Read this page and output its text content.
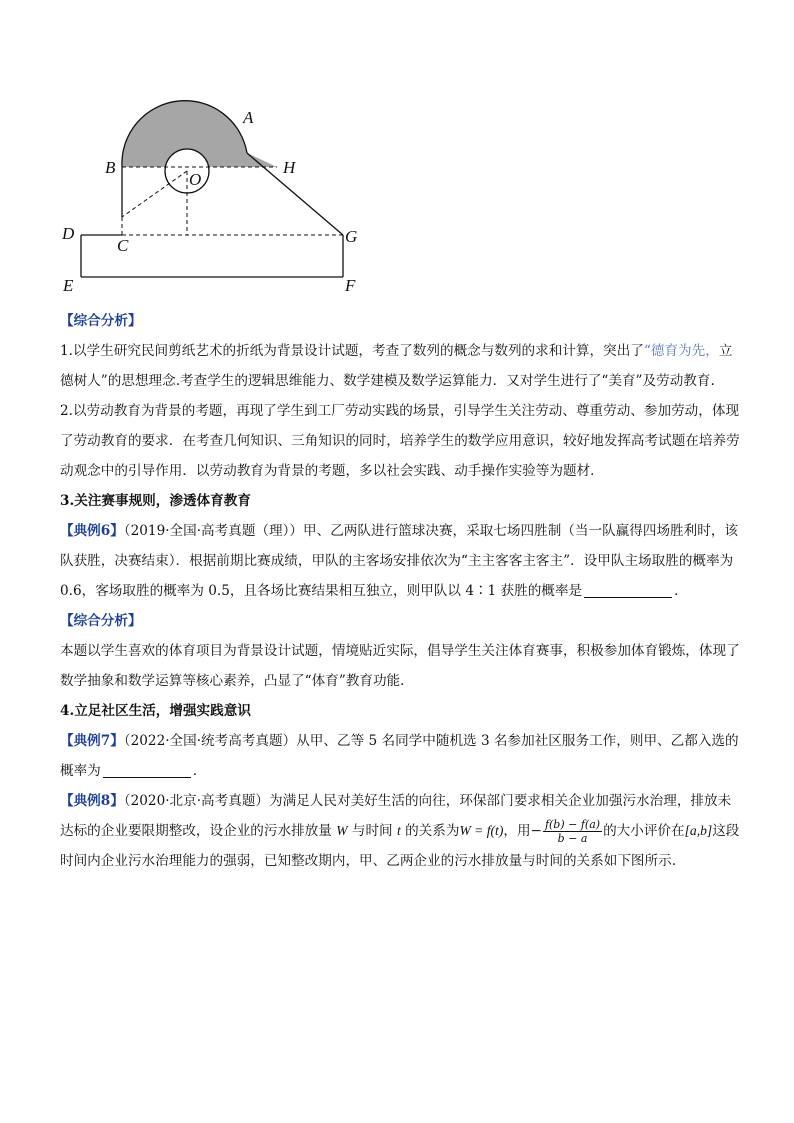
A
B
O
H
D
C	G
E	F

【综合分析】

1.以学生研究民间剪纸艺术的折纸为背景设计试题，考查了数列的概念与数列的求和计算，突出了“德育为先，立德树人”的思想理念.考查学生的逻辑思维能力、数学建模及数学运算能力．又对学生进行了“美育”及劳动教育.

2.以劳动教育为背景的考题，再现了学生到工厂劳动实践的场景，引导学生关注劳动、尊重劳动、参加劳动，体现了劳动教育的要求．在考查几何知识、三角知识的同时，培养学生的数学应用意识，较好地发挥高考试题在培养劳动观念中的引导作用．以劳动教育为背景的考题，多以社会实践、动手操作实验等为题材．

3.关注赛事规则，渗透体育教育

【典例6】（2019·全国·高考真题（理））甲、乙两队进行篮球决赛，采取七场四胜制（当一队赢得四场胜利时，该队获胜，决赛结束）．根据前期比赛成绩，甲队的主客场安排依次为“主主客客主客主”．设甲队主场取胜的概率为 0.6，客场取胜的概率为 0.5，且各场比赛结果相互独立，则甲队以 4∶1 获胜的概率是	．

【综合分析】

本题以学生喜欢的体育项目为背景设计试题，情境贴近实际，倡导学生关注体育赛事，积极参加体育锻炼，体现了数学抽象和数学运算等核心素养，凸显了“体育”教育功能．

4.立足社区生活，增强实践意识

【典例7】（2022·全国·统考高考真题）从甲、乙等 5 名同学中随机选 3 名参加社区服务工作，则甲、乙都入选的概率为	．

【典例8】（2020·北京·高考真题）为满足人民对美好生活的向往，环保部门要求相关企业加强污水治理，排放未达标的企业要限期整改，设企业的污水排放量 W 与时间 t 的关系为W = f(t)，用− $\frac{f(b) - f(a)}{b - a}$ 的大小评价在[a,b]这段时间内企业污水治理能力的强弱，已知整改期内，甲、乙两企业的污水排放量与时间的关系如下图所示.
